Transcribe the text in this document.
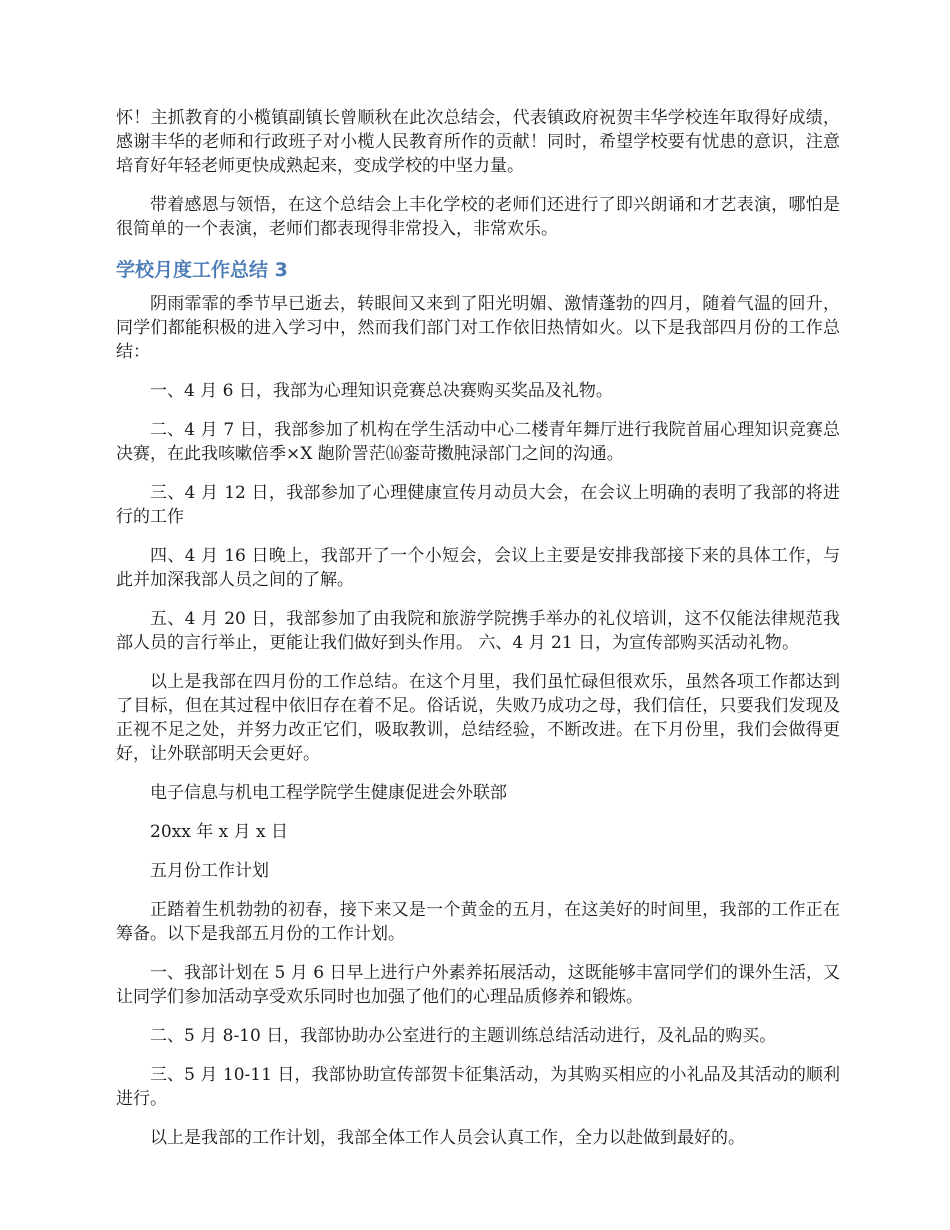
怀！主抓教育的小榄镇副镇长曾顺秋在此次总结会，代表镇政府祝贺丰华学校连年取得好成绩，感谢丰华的老师和行政班子对小榄人民教育所作的贡献！同时，希望学校要有忧患的意识，注意培育好年轻老师更快成熟起来，变成学校的中坚力量。

带着感恩与领悟，在这个总结会上丰化学校的老师们还进行了即兴朗诵和才艺表演，哪怕是很简单的一个表演，老师们都表现得非常投入，非常欢乐。

学校月度工作总结 3

阴雨霏霏的季节早已逝去，转眼间又来到了阳光明媚、激情蓬勃的四月，随着气温的回升，同学们都能积极的进入学习中，然而我们部门对工作依旧热情如火。以下是我部四月份的工作总结：

一、4 月 6 日，我部为心理知识竞赛总决赛购买奖品及礼物。

二、4 月 7 日，我部参加了机构在学生活动中心二楼青年舞厅进行我院首届心理知识竞赛总决赛，在此我咳嗽倍季×X 龅阶詈茫⒃銮苛擞肫渌部门之间的沟通。

三、4 月 12 日，我部参加了心理健康宣传月动员大会，在会议上明确的表明了我部的将进行的工作

四、4 月 16 日晚上，我部开了一个小短会，会议上主要是安排我部接下来的具体工作，与此并加深我部人员之间的了解。

五、4 月 20 日，我部参加了由我院和旅游学院携手举办的礼仪培训，这不仅能法律规范我部人员的言行举止，更能让我们做好到头作用。 六、4 月 21 日，为宣传部购买活动礼物。

以上是我部在四月份的工作总结。在这个月里，我们虽忙碌但很欢乐，虽然各项工作都达到了目标，但在其过程中依旧存在着不足。俗话说，失败乃成功之母，我们信任，只要我们发现及正视不足之处，并努力改正它们，吸取教训，总结经验，不断改进。在下月份里，我们会做得更好，让外联部明天会更好。

电子信息与机电工程学院学生健康促进会外联部

20xx 年 x 月 x 日

五月份工作计划

正踏着生机勃勃的初春，接下来又是一个黄金的五月，在这美好的时间里，我部的工作正在筹备。以下是我部五月份的工作计划。

一、我部计划在 5 月 6 日早上进行户外素养拓展活动，这既能够丰富同学们的课外生活，又让同学们参加活动享受欢乐同时也加强了他们的心理品质修养和锻炼。

二、5 月 8-10 日，我部协助办公室进行的主题训练总结活动进行，及礼品的购买。

三、5 月 10-11 日，我部协助宣传部贺卡征集活动，为其购买相应的小礼品及其活动的顺利进行。

以上是我部的工作计划，我部全体工作人员会认真工作，全力以赴做到最好的。
